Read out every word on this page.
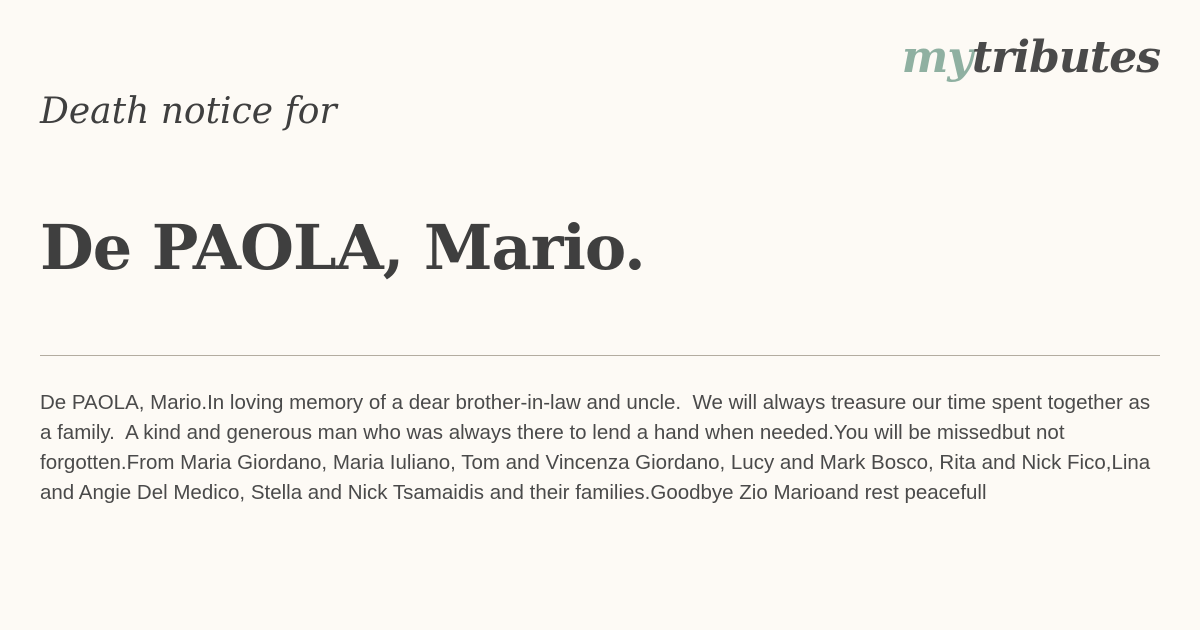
mytributes
Death notice for
De PAOLA, Mario.

De PAOLA, Mario.In loving memory of a dear brother-in-law and uncle.  We will always treasure our time spent together as a family.  A kind and generous man who was always there to lend a hand when needed.You will be missedbut not forgotten.From Maria Giordano, Maria Iuliano, Tom and Vincenza Giordano, Lucy and Mark Bosco, Rita and Nick Fico,Lina and Angie Del Medico, Stella and Nick Tsamaidis and their families.Goodbye Zio Marioand rest peacefull
